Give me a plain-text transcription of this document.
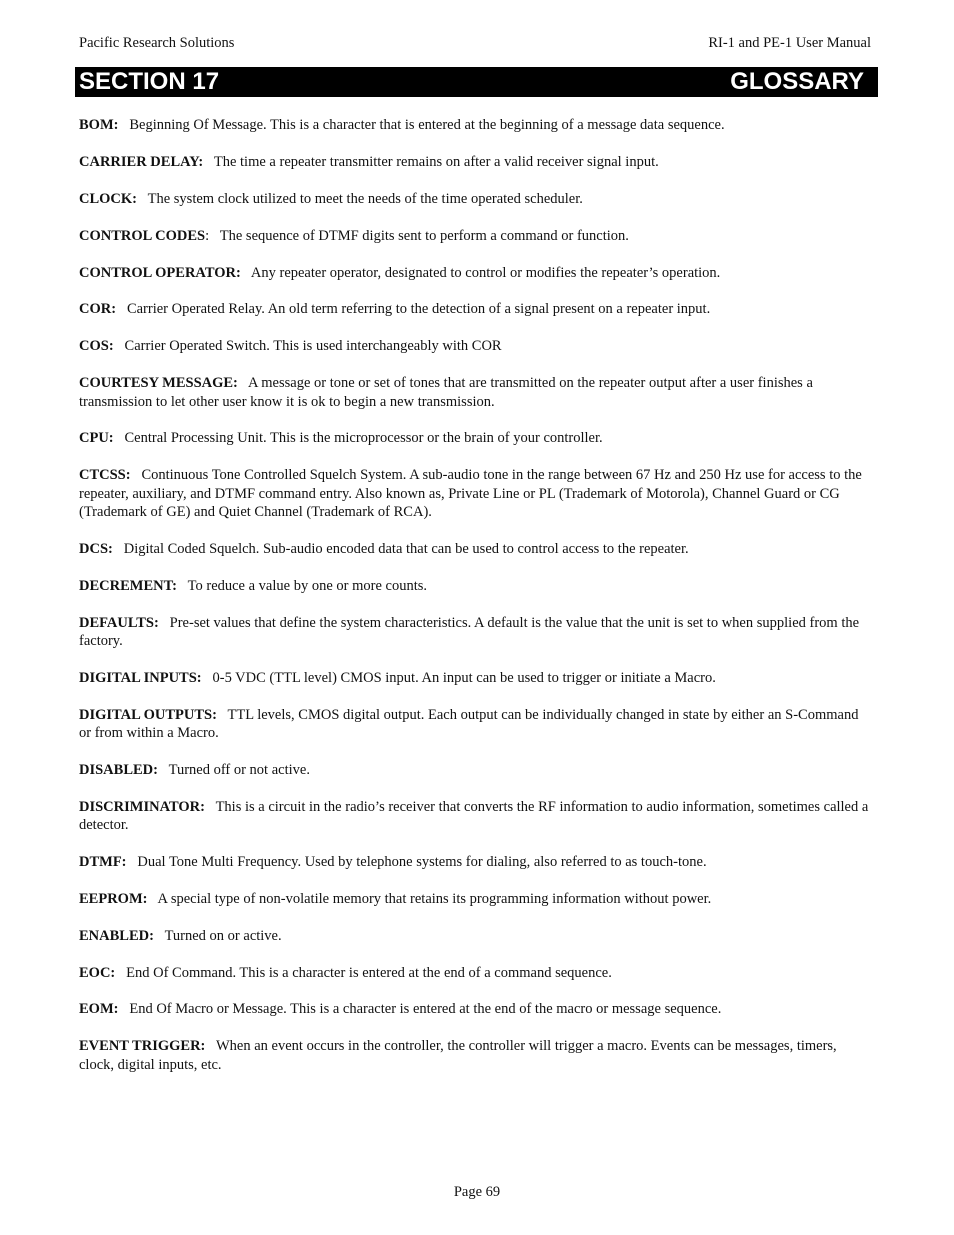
Pacific Research Solutions	RI-1 and PE-1 User Manual
SECTION 17	GLOSSARY
BOM: Beginning Of Message. This is a character that is entered at the beginning of a message data sequence.
CARRIER DELAY: The time a repeater transmitter remains on after a valid receiver signal input.
CLOCK: The system clock utilized to meet the needs of the time operated scheduler.
CONTROL CODES: The sequence of DTMF digits sent to perform a command or function.
CONTROL OPERATOR: Any repeater operator, designated to control or modifies the repeater’s operation.
COR: Carrier Operated Relay. An old term referring to the detection of a signal present on a repeater input.
COS: Carrier Operated Switch. This is used interchangeably with COR
COURTESY MESSAGE: A message or tone or set of tones that are transmitted on the repeater output after a user finishes a transmission to let other user know it is ok to begin a new transmission.
CPU: Central Processing Unit. This is the microprocessor or the brain of your controller.
CTCSS: Continuous Tone Controlled Squelch System. A sub-audio tone in the range between 67 Hz and 250 Hz use for access to the repeater, auxiliary, and DTMF command entry. Also known as, Private Line or PL (Trademark of Motorola), Channel Guard or CG (Trademark of GE) and Quiet Channel (Trademark of RCA).
DCS: Digital Coded Squelch. Sub-audio encoded data that can be used to control access to the repeater.
DECREMENT: To reduce a value by one or more counts.
DEFAULTS: Pre-set values that define the system characteristics. A default is the value that the unit is set to when supplied from the factory.
DIGITAL INPUTS: 0-5 VDC (TTL level) CMOS input. An input can be used to trigger or initiate a Macro.
DIGITAL OUTPUTS: TTL levels, CMOS digital output. Each output can be individually changed in state by either an S-Command or from within a Macro.
DISABLED: Turned off or not active.
DISCRIMINATOR: This is a circuit in the radio’s receiver that converts the RF information to audio information, sometimes called a detector.
DTMF: Dual Tone Multi Frequency. Used by telephone systems for dialing, also referred to as touch-tone.
EEPROM: A special type of non-volatile memory that retains its programming information without power.
ENABLED: Turned on or active.
EOC: End Of Command. This is a character is entered at the end of a command sequence.
EOM: End Of Macro or Message. This is a character is entered at the end of the macro or message sequence.
EVENT TRIGGER: When an event occurs in the controller, the controller will trigger a macro. Events can be messages, timers, clock, digital inputs, etc.
Page 69
